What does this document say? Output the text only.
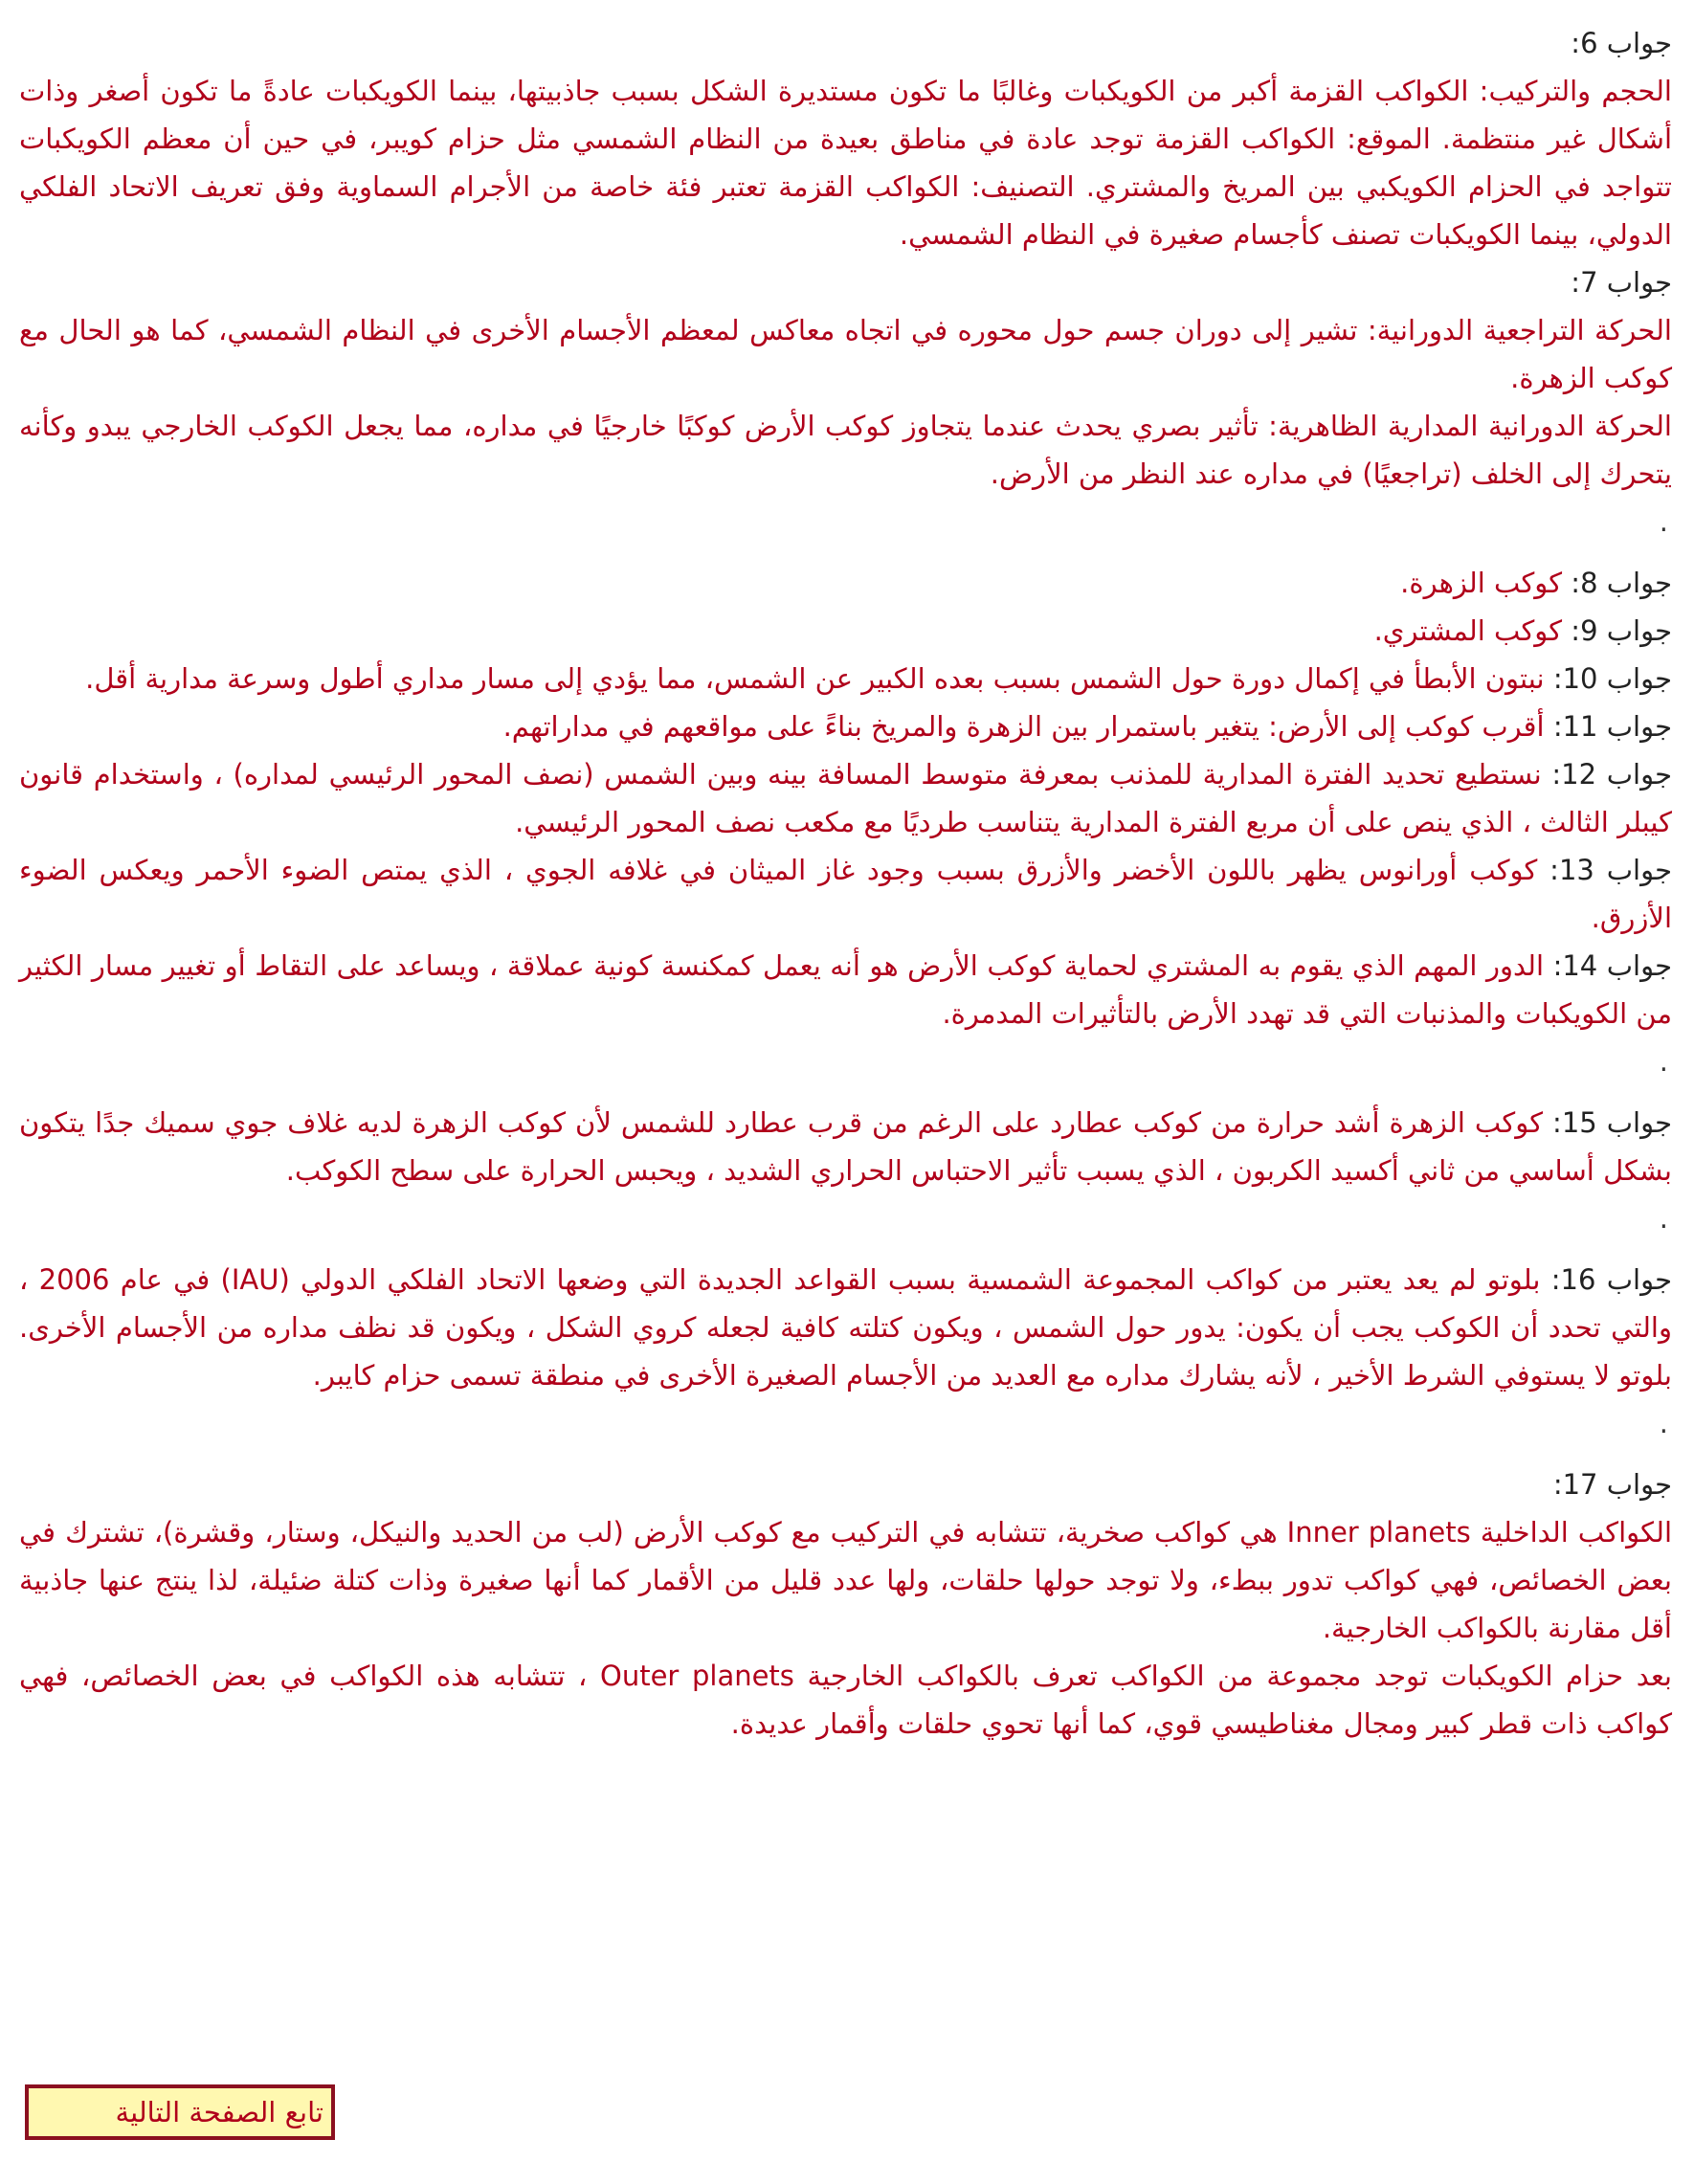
جواب 6:

الحجم والتركيب: الكواكب القزمة أكبر من الكويكبات وغالبًا ما تكون مستديرة الشكل بسبب جاذبيتها، بينما الكويكبات عادةً ما تكون أصغر وذات أشكال غير منتظمة. الموقع: الكواكب القزمة توجد عادة في مناطق بعيدة من النظام الشمسي مثل حزام كويبر، في حين أن معظم الكويكبات تتواجد في الحزام الكويكبي بين المريخ والمشتري. التصنيف: الكواكب القزمة تعتبر فئة خاصة من الأجرام السماوية وفق تعريف الاتحاد الفلكي الدولي، بينما الكويكبات تصنف كأجسام صغيرة في النظام الشمسي.

جواب 7:

الحركة التراجعية الدورانية: تشير إلى دوران جسم حول محوره في اتجاه معاكس لمعظم الأجسام الأخرى في النظام الشمسي، كما هو الحال مع كوكب الزهرة.

الحركة الدورانية المدارية الظاهرية: تأثير بصري يحدث عندما يتجاوز كوكب الأرض كوكبًا خارجيًا في مداره، مما يجعل الكوكب الخارجي يبدو وكأنه يتحرك إلى الخلف (تراجعيًا) في مداره عند النظر من الأرض.

.

جواب 8: كوكب الزهرة.

جواب 9: كوكب المشتري.

جواب 10: نبتون الأبطأ في إكمال دورة حول الشمس بسبب بعده الكبير عن الشمس، مما يؤدي إلى مسار مداري أطول وسرعة مدارية أقل.

جواب 11: أقرب كوكب إلى الأرض: يتغير باستمرار بين الزهرة والمريخ بناءً على مواقعهم في مداراتهم.

جواب 12: نستطيع تحديد الفترة المدارية للمذنب بمعرفة متوسط المسافة بينه وبين الشمس (نصف المحور الرئيسي لمداره) ، واستخدام قانون كيبلر الثالث ، الذي ينص على أن مربع الفترة المدارية يتناسب طرديًا مع مكعب نصف المحور الرئيسي.

جواب 13: كوكب أورانوس يظهر باللون الأخضر والأزرق بسبب وجود غاز الميثان في غلافه الجوي ، الذي يمتص الضوء الأحمر ويعكس الضوء الأزرق.

جواب 14: الدور المهم الذي يقوم به المشتري لحماية كوكب الأرض هو أنه يعمل كمكنسة كونية عملاقة ، ويساعد على التقاط أو تغيير مسار الكثير من الكويكبات والمذنبات التي قد تهدد الأرض بالتأثيرات المدمرة.

.

جواب 15: كوكب الزهرة أشد حرارة من كوكب عطارد على الرغم من قرب عطارد للشمس لأن كوكب الزهرة لديه غلاف جوي سميك جدًا يتكون بشكل أساسي من ثاني أكسيد الكربون ، الذي يسبب تأثير الاحتباس الحراري الشديد ، ويحبس الحرارة على سطح الكوكب.

.

جواب 16: بلوتو لم يعد يعتبر من كواكب المجموعة الشمسية بسبب القواعد الجديدة التي وضعها الاتحاد الفلكي الدولي (IAU) في عام 2006 ، والتي تحدد أن الكوكب يجب أن يكون: يدور حول الشمس ، ويكون كتلته كافية لجعله كروي الشكل ، ويكون قد نظف مداره من الأجسام الأخرى. بلوتو لا يستوفي الشرط الأخير ، لأنه يشارك مداره مع العديد من الأجسام الصغيرة الأخرى في منطقة تسمى حزام كايبر.

.

جواب 17:

الكواكب الداخلية Inner planets هي كواكب صخرية، تتشابه في التركيب مع كوكب الأرض (لب من الحديد والنيكل، وستار، وقشرة)، تشترك في بعض الخصائص، فهي كواكب تدور ببطء، ولا توجد حولها حلقات، ولها عدد قليل من الأقمار كما أنها صغيرة وذات كتلة ضئيلة، لذا ينتج عنها جاذبية أقل مقارنة بالكواكب الخارجية.

بعد حزام الكويكبات توجد مجموعة من الكواكب تعرف بالكواكب الخارجية Outer planets ، تتشابه هذه الكواكب في بعض الخصائص، فهي كواكب ذات قطر كبير ومجال مغناطيسي قوي، كما أنها تحوي حلقات وأقمار عديدة.

تابع الصفحة التالية
